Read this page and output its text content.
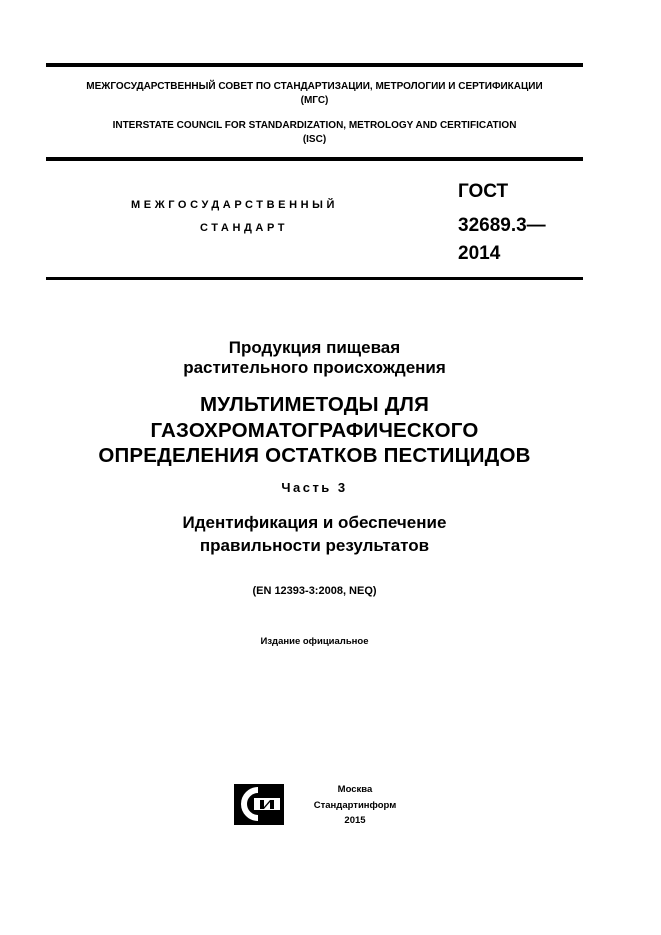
МЕЖГОСУДАРСТВЕННЫЙ СОВЕТ ПО СТАНДАРТИЗАЦИИ, МЕТРОЛОГИИ И СЕРТИФИКАЦИИ
(МГС)
INTERSTATE COUNCIL FOR STANDARDIZATION, METROLOGY AND CERTIFICATION
(ISC)
МЕЖГОСУДАРСТВЕННЫЙ
СТАНДАРТ
ГОСТ
32689.3—
2014
Продукция пищевая
растительного происхождения
МУЛЬТИМЕТОДЫ ДЛЯ
ГАЗОХРОМАТОГРАФИЧЕСКОГО
ОПРЕДЕЛЕНИЯ ОСТАТКОВ ПЕСТИЦИДОВ
Часть 3
Идентификация и обеспечение
правильности результатов
(EN 12393-3:2008, NEQ)
Издание официальное
Москва
Стандартинформ
2015
